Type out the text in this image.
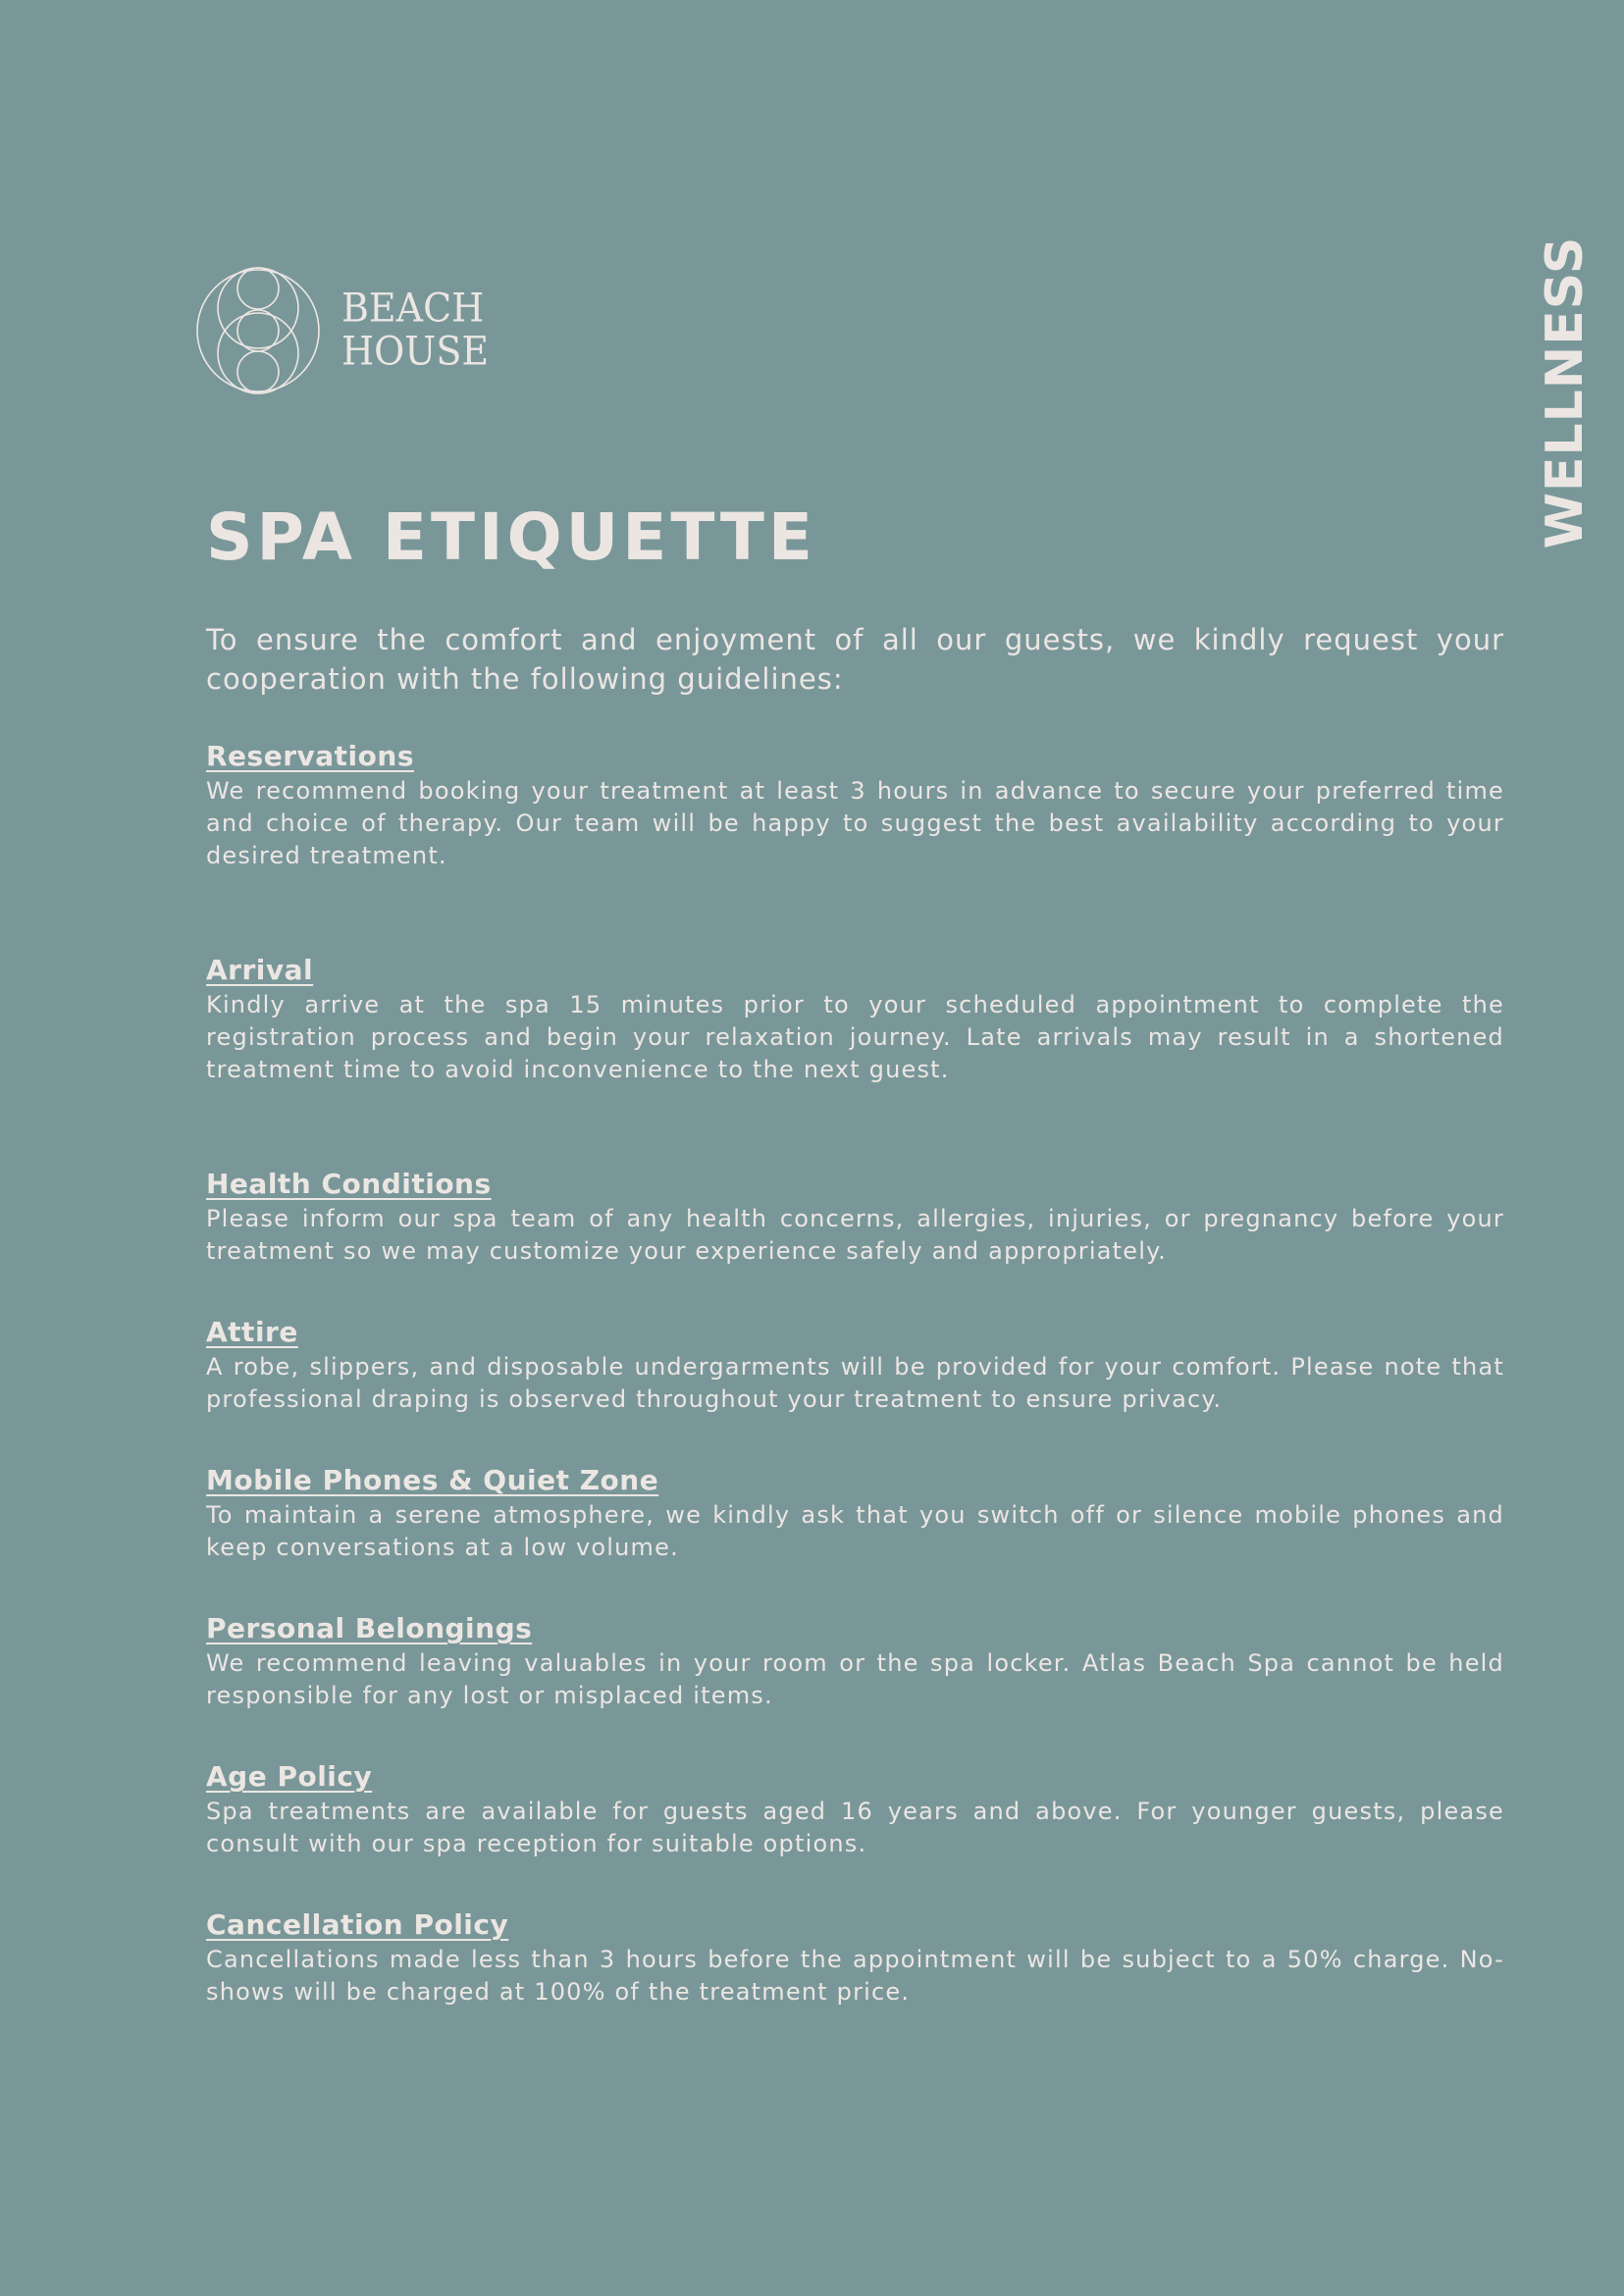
BEACH
HOUSE	WELLNESS
SPA ETIQUETTE

To ensure the comfort and enjoyment of all our guests, we kindly request your cooperation with the following guidelines:

Reservations

We recommend booking your treatment at least 3 hours in advance to secure your preferred time and choice of therapy. Our team will be happy to suggest the best availability according to your desired treatment.

Arrival

Kindly arrive at the spa 15 minutes prior to your scheduled appointment to complete the registration process and begin your relaxation journey. Late arrivals may result in a shortened treatment time to avoid inconvenience to the next guest.

Health Conditions

Please inform our spa team of any health concerns, allergies, injuries, or pregnancy before your treatment so we may customize your experience safely and appropriately.

Attire

A robe, slippers, and disposable undergarments will be provided for your comfort. Please note that professional draping is observed throughout your treatment to ensure privacy.

Mobile Phones & Quiet Zone

To maintain a serene atmosphere, we kindly ask that you switch off or silence mobile phones and keep conversations at a low volume.

Personal Belongings

We recommend leaving valuables in your room or the spa locker. Atlas Beach Spa cannot be held responsible for any lost or misplaced items.

Age Policy

Spa treatments are available for guests aged 16 years and above. For younger guests, please consult with our spa reception for suitable options.

Cancellation Policy

Cancellations made less than 3 hours before the appointment will be subject to a 50% charge. No-shows will be charged at 100% of the treatment price.
